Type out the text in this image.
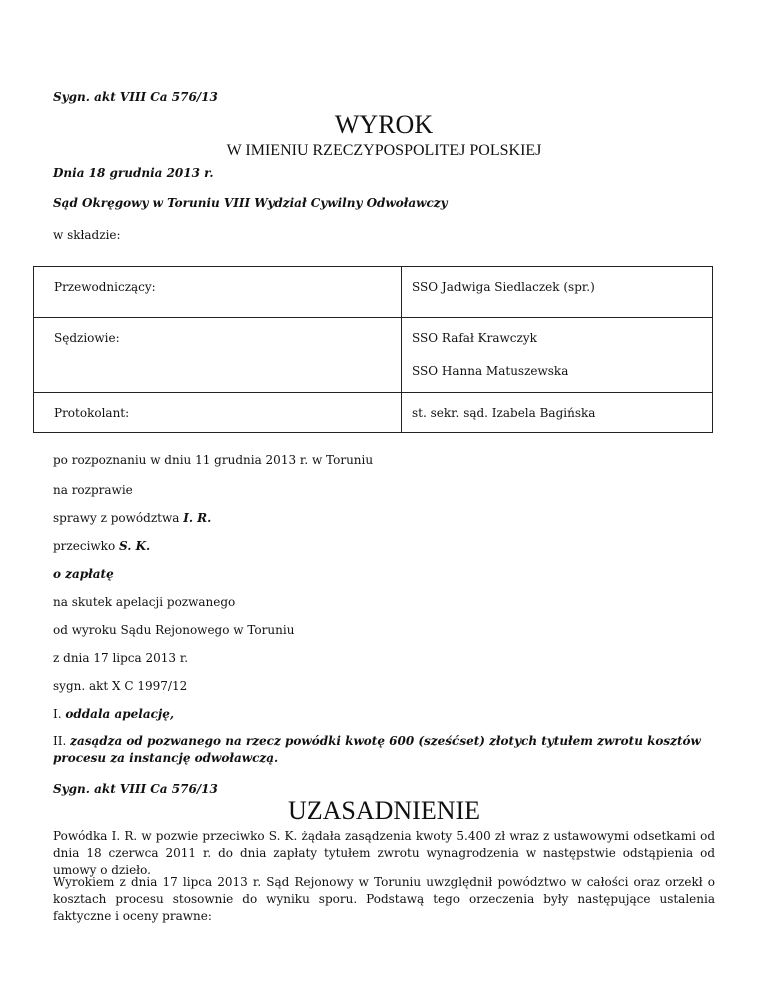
Sygn. akt VIII Ca 576/13
WYROK
W IMIENIU RZECZYPOSPOLITEJ POLSKIEJ
Dnia 18 grudnia 2013 r.
Sąd Okręgowy w Toruniu VIII Wydział Cywilny Odwoławczy
w składzie:
Przewodniczący:	SSO Jadwiga Siedlaczek (spr.)
Sędziowie:	SSO Rafał Krawczyk
SSO Hanna Matuszewska

Protokolant:	st. sekr. sąd. Izabela Bagińska
po rozpoznaniu w dniu 11 grudnia 2013 r. w Toruniu
na rozprawie
sprawy z powództwa I. R.
przeciwko S. K.
o zapłatę
na skutek apelacji pozwanego
od wyroku Sądu Rejonowego w Toruniu
z dnia 17 lipca 2013 r.
sygn. akt X C 1997/12
I. oddala apelację,
II. zasądza od pozwanego na rzecz powódki kwotę 600 (sześćset) złotych tytułem zwrotu kosztów procesu za instancję odwoławczą.
Sygn. akt VIII Ca 576/13
UZASADNIENIE
Powódka I. R. w pozwie przeciwko S. K. żądała zasądzenia kwoty 5.400 zł wraz z ustawowymi odsetkami od dnia 18 czerwca 2011 r. do dnia zapłaty tytułem zwrotu wynagrodzenia w następstwie odstąpienia od umowy o dzieło.
Wyrokiem z dnia 17 lipca 2013 r. Sąd Rejonowy w Toruniu uwzględnił powództwo w całości oraz orzekł o kosztach procesu stosownie do wyniku sporu. Podstawą tego orzeczenia były następujące ustalenia faktyczne i oceny prawne:
